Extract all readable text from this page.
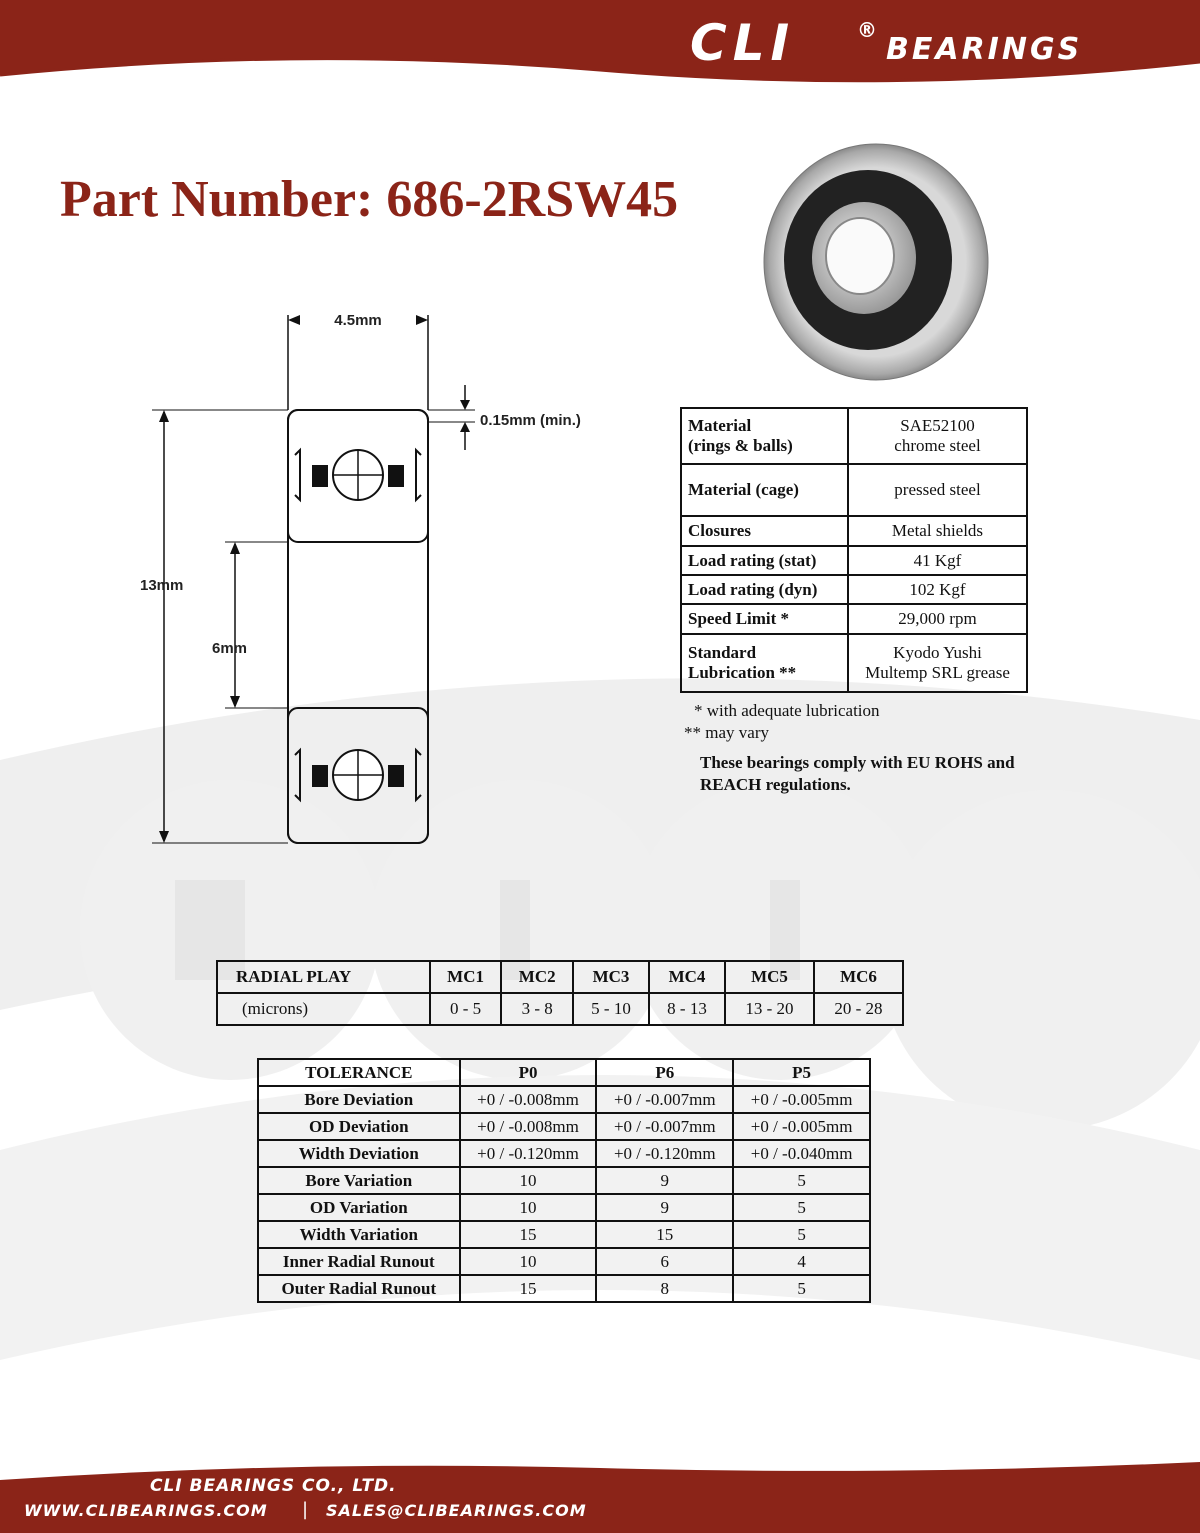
CLI	®
BEARINGS
Part Number: 686-2RSW45
4.5mm
0.15mm (min.)
13mm
6mm
Material
(rings & balls)	SAE52100
chrome steel
Material (cage)	pressed steel
Closures	Metal shields
Load rating (stat)	41 Kgf
Load rating (dyn)	102 Kgf
Speed Limit *	29,000 rpm
Standard
Lubrication **	Kyodo Yushi
Multemp SRL grease
* with adequate lubrication
** may vary
These bearings comply with EU ROHS and REACH regulations.
RADIAL PLAY	MC1	MC2	MC3	MC4	MC5	MC6
(microns)	0 - 5	3 - 8	5 - 10	8 - 13	13 - 20	20 - 28
TOLERANCE	P0	P6	P5
Bore Deviation	+0 / -0.008mm	+0 / -0.007mm	+0 / -0.005mm
OD Deviation	+0 / -0.008mm	+0 / -0.007mm	+0 / -0.005mm
Width Deviation	+0 / -0.120mm	+0 / -0.120mm	+0 / -0.040mm
Bore Variation	10	9	5
OD Variation	10	9	5
Width Variation	15	15	5
Inner Radial Runout	10	6	4
Outer Radial Runout	15	8	5
CLI BEARINGS CO., LTD.
WWW.CLIBEARINGS.COM | SALES@CLIBEARINGS.COM
